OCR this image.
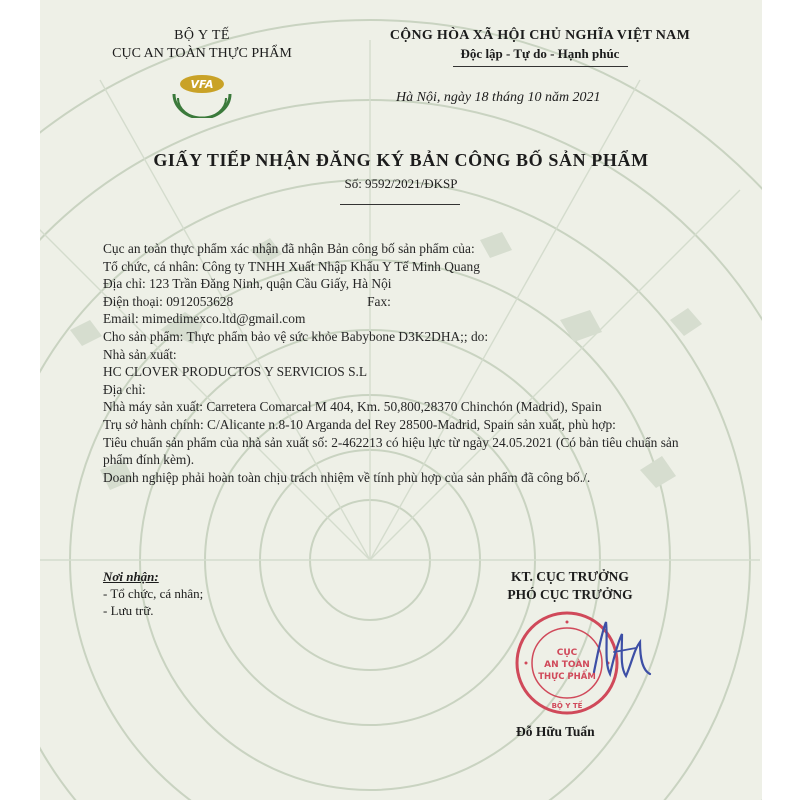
BỘ Y TẾ
CỤC AN TOÀN THỰC PHẨM
VFA
CỘNG HÒA XÃ HỘI CHỦ NGHĨA VIỆT NAM
Độc lập - Tự do - Hạnh phúc
Hà Nội, ngày 18 tháng 10 năm 2021
GIẤY TIẾP NHẬN ĐĂNG KÝ BẢN CÔNG BỐ SẢN PHẨM
Số: 9592/2021/ĐKSP

Cục an toàn thực phẩm xác nhận đã nhận Bản công bố sản phẩm của:

Tổ chức, cá nhân: Công ty TNHH Xuất Nhập Khẩu Y Tế Minh Quang

Địa chỉ: 123 Trần Đăng Ninh, quận Cầu Giấy, Hà Nội

Điện thoại: 0912053628                                        Fax:

Email: mimedimexco.ltd@gmail.com

Cho sản phẩm: Thực phẩm bảo vệ sức khỏe Babybone D3K2DHA;; do:

Nhà sản xuất:

HC CLOVER PRODUCTOS Y SERVICIOS S.L

Địa chỉ:

Nhà máy sản xuất: Carretera Comarcal M 404, Km. 50,800,28370 Chinchón (Madrid), Spain

Trụ sở hành chính: C/Alicante n.8-10 Arganda del Rey 28500-Madrid, Spain sản xuất, phù hợp:

Tiêu chuẩn sản phẩm của nhà sản xuất số: 2-462213 có hiệu lực từ ngày 24.05.2021 (Có bản tiêu chuẩn sản phẩm đính kèm).

Doanh nghiệp phải hoàn toàn chịu trách nhiệm về tính phù hợp của sản phẩm đã công bố./.

Nơi nhận:
- Tổ chức, cá nhân;
- Lưu trữ.
KT. CỤC TRƯỞNG
PHÓ CỤC TRƯỞNG
CỤC
AN TOÀN
THỰC PHẨM
BỘ Y TẾ
Đỗ Hữu Tuấn
